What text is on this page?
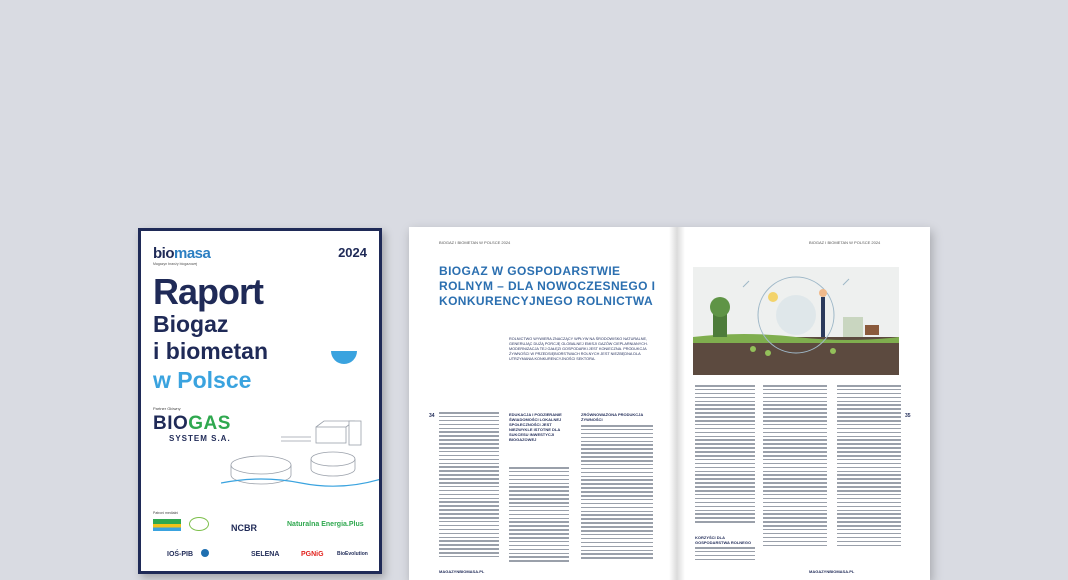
biomasa
Magazyn branży biogazowej
2024
Raport
Biogaz
i biometan
w Polsce
Partner Główny
BIOGAS
SYSTEM S.A.
Patroni medialni
NCBR	Naturalna Energia.Plus
IOŚ-PIB	SELENA	PGNiG	BioEvolution
BIOGAZ I BIOMETAN W POLSCE 2024	BIOGAZ I BIOMETAN W POLSCE 2024
BIOGAZ W GOSPODARSTWIE ROLNYM – DLA NOWOCZESNEGO I KONKURENCYJNEGO ROLNICTWA
ROLNICTWO WYWIERA ZNACZĄCY WPŁYW NA ŚRODOWISKO NATURALNE, GENERUJĄC DUŻĄ PORCJĘ GLOBALNEJ EMISJI GAZÓW CIEPLARNIANYCH. MODERNIZACJA TEJ GAŁĘZI GOSPODARKI JEST KONIECZNA. PRODUKCJA ŻYWNOŚCI W PRZEDSIĘBIORSTWACH ROLNYCH JEST NIEZBĘDNA DLA UTRZYMANIA KONKURENCYJNOŚCI SEKTORA.
34	35
EDUKACJA I PODZIERANIE ŚWIADOMOŚCI LOKALNEJ SPOŁECZNOŚCI JEST NIEZWYKLE ISTOTNE DLA SUKCESU INWESTYCJI BIOGAZOWEJ
ZRÓWNOWAŻONA PRODUKCJA ŻYWNOŚCI
KORZYŚCI DLA GOSPODARSTWA ROLNEGO
MAGAZYNBIOMASA.PL	MAGAZYNBIOMASA.PL
